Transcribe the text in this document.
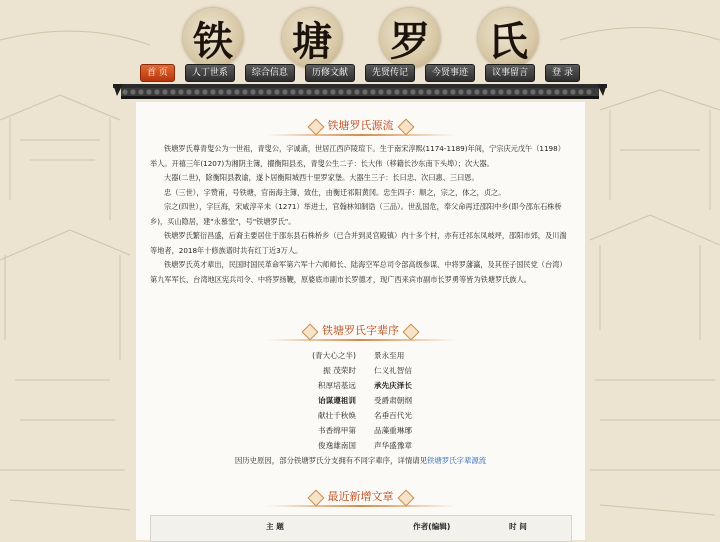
铁 塘 罗 氏
首 页	人丁世系	综合信息	历修文献	先贤传记	今贤事迹	议事留言	登 录
铁塘罗氏源流

铁塘罗氏尊青叟公为一世祖，青叟公，字诚斋，世居江西庐陵瑄下。生于南宋淳熙(1174-1189)年间，宁宗庆元戊午（1198）举人。开禧三年(1207)为湘阴主簿，擢衡阳县丞，青叟公生二子：长大伟（移籍长沙东南下头埠）；次大器。

大器(二世)，除衡阳县教谕，遂卜居衡阳城西十里罗家堡。大器生三子：长曰忠、次曰惠、三曰恩。

忠（三世），字赞甫，号铁塘，官南海主簿，致仕，由衡迁祁阳黄冈。忠生四子：顺之，宗之，体之，贞之。

宗之(四世），字巨海，宋咸淳辛未（1271）举进士，官翰林知制诰（三品）。世乱国危，奉父命再迁邵阳中乡(即今邵东石株桥乡)，买山隐居，建"永慕堂"，号"铁塘罗氏"。

铁塘罗氏繁衍昌盛，后裔主要居住于邵东县石株桥乡（已合并到灵官殿镇）内十多个村，亦有迁祁东凤岐坪，邵阳市郊，及川湍等地者，2018年十修族谱时共有红丁近3万人。

铁塘罗氏英才辈出，民国时国民革命军第六军十六师师长、陆海空军总司令部高级参谋、中将罗藩瀛，及其侄子国民党（台湾）第九军军长、台湾地区宪兵司令、中将罗扬鞭，原婆底市副市长罗德才，现广西来宾市副市长罗勇等皆为铁塘罗氏族人。

铁塘罗氏字辈序
(青大心之半) 景永至用
振 茂荣时 仁义礼智信
积厚培基远 承先庆泽长
诒谋遵祖训 受爵肃朝纲
献壮千秋焕 名垂百代光
书香绵甲第 品藻重琳琊
俊逸雄南国 声华盛豫章
因历史原因，部分铁塘罗氏分支拥有不同字辈序，详情请见铁塘罗氏字辈源流
最近新增文章
主 题	作者(编辑)	时 间
